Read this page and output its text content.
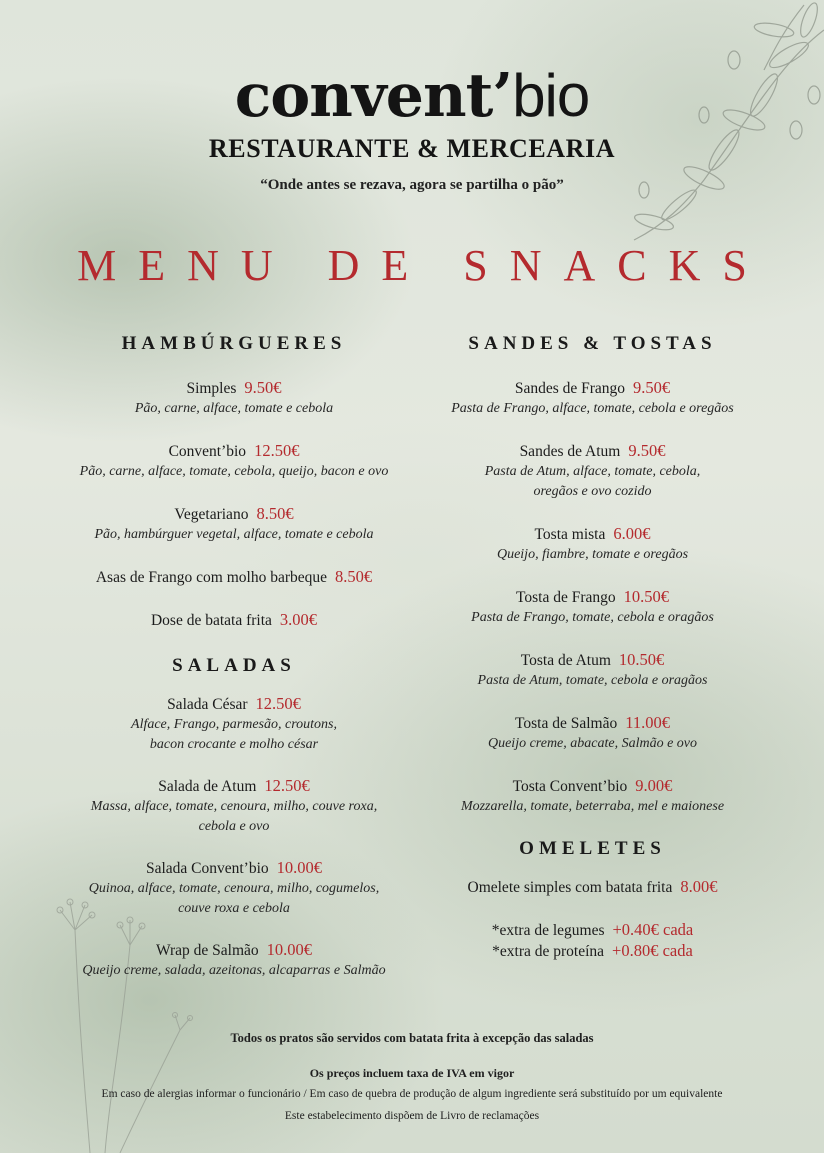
convent’bio
RESTAURANTE & MERCEARIA
“Onde antes se rezava, agora se partilha o pão”
MENU DE SNACKS
HAMBÚRGUERES
Simples 9.50€
Pão, carne, alface, tomate e cebola
Convent’bio 12.50€
Pão, carne, alface, tomate, cebola, queijo, bacon e ovo
Vegetariano 8.50€
Pão, hambúrguer vegetal, alface, tomate e cebola
Asas de Frango com molho barbeque 8.50€
Dose de batata frita 3.00€
SALADAS
Salada César 12.50€
Alface, Frango, parmesão, croutons,
bacon crocante e molho césar
Salada de Atum 12.50€
Massa, alface, tomate, cenoura, milho, couve roxa,
cebola e ovo
Salada Convent’bio 10.00€
Quinoa, alface, tomate, cenoura, milho, cogumelos,
couve roxa e cebola
Wrap de Salmão 10.00€
Queijo creme, salada, azeitonas, alcaparras e Salmão
SANDES & TOSTAS
Sandes de Frango 9.50€
Pasta de Frango, alface, tomate, cebola e oregãos
Sandes de Atum 9.50€
Pasta de Atum, alface, tomate, cebola,
oregãos e ovo cozido
Tosta mista 6.00€
Queijo, fiambre, tomate e oregãos
Tosta de Frango 10.50€
Pasta de Frango, tomate, cebola e oragãos
Tosta de Atum 10.50€
Pasta de Atum, tomate, cebola e oragãos
Tosta de Salmão 11.00€
Queijo creme, abacate, Salmão e ovo
Tosta Convent’bio 9.00€
Mozzarella, tomate, beterraba, mel e maionese
OMELETES
Omelete simples com batata frita 8.00€
*extra de legumes +0.40€ cada
*extra de proteína +0.80€ cada
Todos os pratos são servidos com batata frita à excepção das saladas
Os preços incluem taxa de IVA em vigor
Em caso de alergias informar o funcionário / Em caso de quebra de produção de algum ingrediente será substituído por um equivalente
Este estabelecimento dispõem de Livro de reclamações
